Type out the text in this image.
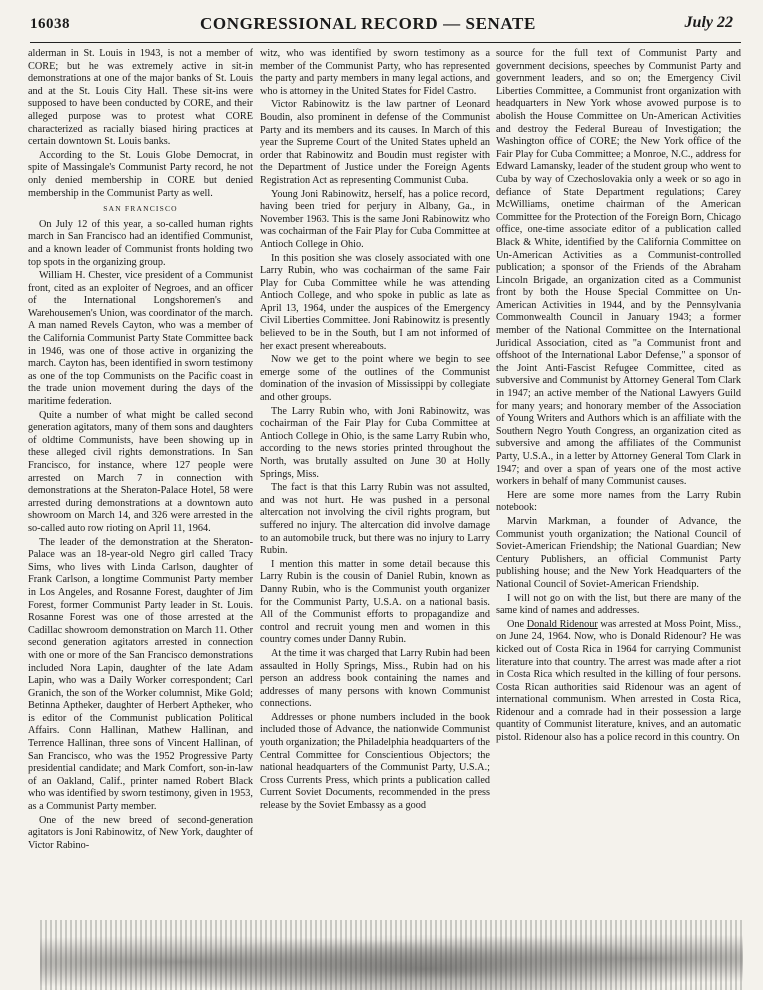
16038	CONGRESSIONAL RECORD — SENATE	July 22

alderman in St. Louis in 1943, is not a member of CORE; but he was extremely active in sit-in demonstrations at one of the major banks of St. Louis and at the St. Louis City Hall. These sit-ins were supposed to have been conducted by CORE, and their alleged purpose was to protest what CORE characterized as racially biased hiring practices at certain downtown St. Louis banks.

According to the St. Louis Globe Democrat, in spite of Massingale's Communist Party record, he not only denied membership in CORE but denied membership in the Communist Party as well.

SAN FRANCISCO

On July 12 of this year, a so-called human rights march in San Francisco had an identified Communist, and a known leader of Communist fronts holding two top spots in the organizing group.

William H. Chester, vice president of a Communist front, cited as an exploiter of Negroes, and an officer of the International Longshoremen's and Warehousemen's Union, was coordinator of the march. A man named Revels Cayton, who was a member of the California Communist Party State Committee back in 1946, was one of those active in organizing the march. Cayton has, been identified in sworn testimony as one of the top Communists on the Pacific coast in the trade union movement during the days of the maritime federation.

Quite a number of what might be called second generation agitators, many of them sons and daughters of oldtime Communists, have been showing up in these alleged civil rights demonstrations. In San Francisco, for instance, where 127 people were arrested on March 7 in connection with demonstrations at the Sheraton-Palace Hotel, 58 were arrested during demonstrations at a downtown auto showroom on March 14, and 326 were arrested in the so-called auto row rioting on April 11, 1964.

The leader of the demonstration at the Sheraton-Palace was an 18-year-old Negro girl called Tracy Sims, who lives with Linda Carlson, daughter of Frank Carlson, a longtime Communist Party member in Los Angeles, and Rosanne Forest, daughter of Jim Forest, former Communist Party leader in St. Louis. Rosanne Forest was one of those arrested at the Cadillac showroom demonstration on March 11. Other second generation agitators arrested in connection with one or more of the San Francisco demonstrations included Nora Lapin, daughter of the late Adam Lapin, who was a Daily Worker correspondent; Carl Granich, the son of the Worker columnist, Mike Gold; Betinna Aptheker, daughter of Herbert Aptheker, who is editor of the Communist publication Political Affairs. Conn Hallinan, Mathew Hallinan, and Terrence Hallinan, three sons of Vincent Hallinan, of San Francisco, who was the 1952 Progressive Party presidential candidate; and Mark Comfort, son-in-law of an Oakland, Calif., printer named Robert Black who was identified by sworn testimony, given in 1953, as a Communist Party member.

One of the new breed of second-generation agitators is Joni Rabinowitz, of New York, daughter of Victor Rabino-

witz, who was identified by sworn testimony as a member of the Communist Party, who has represented the party and party members in many legal actions, and who is attorney in the United States for Fidel Castro.

Victor Rabinowitz is the law partner of Leonard Boudin, also prominent in defense of the Communist Party and its members and its causes. In March of this year the Supreme Court of the United States upheld an order that Rabinowitz and Boudin must register with the Department of Justice under the Foreign Agents Registration Act as representing Communist Cuba.

Young Joni Rabinowitz, herself, has a police record, having been tried for perjury in Albany, Ga., in November 1963. This is the same Joni Rabinowitz who was cochairman of the Fair Play for Cuba Committee at Antioch College in Ohio.

In this position she was closely associated with one Larry Rubin, who was cochairman of the same Fair Play for Cuba Committee while he was attending Antioch College, and who spoke in public as late as April 13, 1964, under the auspices of the Emergency Civil Liberties Committee. Joni Rabinowitz is presently believed to be in the South, but I am not informed of her exact present whereabouts.

Now we get to the point where we begin to see emerge some of the outlines of the Communist domination of the invasion of Mississippi by collegiate and other groups.

The Larry Rubin who, with Joni Rabinowitz, was cochairman of the Fair Play for Cuba Committee at Antioch College in Ohio, is the same Larry Rubin who, according to the news stories printed throughout the North, was brutally assulted on June 30 at Holly Springs, Miss.

The fact is that this Larry Rubin was not assulted, and was not hurt. He was pushed in a personal altercation not involving the civil rights program, but suffered no injury. The altercation did involve damage to an automobile truck, but there was no injury to Larry Rubin.

I mention this matter in some detail because this Larry Rubin is the cousin of Daniel Rubin, known as Danny Rubin, who is the Communist youth organizer for the Communist Party, U.S.A. on a national basis. All of the Communist efforts to propagandize and control and recruit young men and women in this country comes under Danny Rubin.

At the time it was charged that Larry Rubin had been assaulted in Holly Springs, Miss., Rubin had on his person an address book containing the names and addresses of many persons with known Communist connections.

Addresses or phone numbers included in the book included those of Advance, the nationwide Communist youth organization; the Philadelphia headquarters of the Central Committee for Conscientious Objectors; the national headquarters of the Communist Party, U.S.A.; Cross Currents Press, which prints a publication called Current Soviet Documents, recommended in the press release by the Soviet Embassy as a good

source for the full text of Communist Party and government decisions, speeches by Communist Party and government leaders, and so on; the Emergency Civil Liberties Committee, a Communist front organization with headquarters in New York whose avowed purpose is to abolish the House Committee on Un-American Activities and destroy the Federal Bureau of Investigation; the Washington office of CORE; the New York office of the Fair Play for Cuba Committee; a Monroe, N.C., address for Edward Lamansky, leader of the student group who went to Cuba by way of Czechoslovakia only a week or so ago in defiance of State Department regulations; Carey McWilliams, onetime chairman of the American Committee for the Protection of the Foreign Born, Chicago office, one-time associate editor of a publication called Black & White, identified by the California Committee on Un-American Activities as a Communist-controlled publication; a sponsor of the Friends of the Abraham Lincoln Brigade, an organization cited as a Communist front by both the House Special Committee on Un-American Activities in 1944, and by the Pennsylvania Commonwealth Council in January 1943; a former member of the National Committee on the International Juridical Association, cited as "a Communist front and offshoot of the International Labor Defense," a sponsor of the Joint Anti-Fascist Refugee Committee, cited as subversive and Communist by Attorney General Tom Clark in 1947; an active member of the National Lawyers Guild for many years; and honorary member of the Association of Young Writers and Authors which is an affiliate with the Southern Negro Youth Congress, an organization cited as subversive and among the affiliates of the Communist Party, U.S.A., in a letter by Attorney General Tom Clark in 1947; and over a span of years one of the most active workers in behalf of many Communist causes.

Here are some more names from the Larry Rubin notebook:

Marvin Markman, a founder of Advance, the Communist youth organization; the National Council of Soviet-American Friendship; the National Guardian; New Century Publishers, an official Communist Party publishing house; and the New York Headquarters of the National Council of Soviet-American Friendship.

I will not go on with the list, but there are many of the same kind of names and addresses.

One Donald Ridenour was arrested at Moss Point, Miss., on June 24, 1964. Now, who is Donald Ridenour? He was kicked out of Costa Rica in 1964 for carrying Communist literature into that country. The arrest was made after a riot in Costa Rica which resulted in the killing of four persons. Costa Rican authorities said Ridenour was an agent of international communism. When arrested in Costa Rica, Ridenour and a comrade had in their possession a large quantity of Communist literature, knives, and an automatic pistol. Ridenour also has a police record in this country. On
